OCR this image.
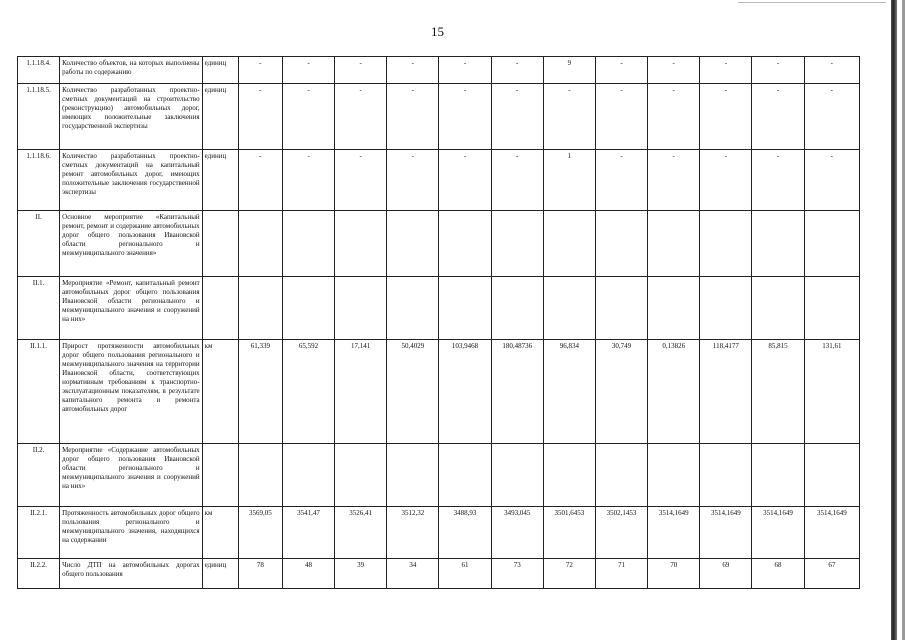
15
1.1.18.4.	Количество объектов, на которых выполнены работы по содержанию	единиц	-	-	-	-	-	-	9	-	-	-	-	-
1.1.18.5.	Количество разработанных проектно-сметных документаций на строительство (реконструкцию) автомобильных дорог, имеющих положительные заключения государственной экспертизы	единиц	-	-	-	-	-	-	-	-	-	-	-	-
1.1.18.6.	Количество разработанных проектно-сметных документаций на капитальный ремонт автомобильных дорог, имеющих положительные заключения государственной экспертизы	единиц	-	-	-	-	-	-	1	-	-	-	-	-
II.	Основное мероприятие «Капитальный ремонт, ремонт и содержание автомобильных дорог общего пользования Ивановской области регионального и межмуниципального значения»													
II.1.	Мероприятие «Ремонт, капитальный ремонт автомобильных дорог общего пользования Ивановской области регионального и межмуниципального значения и сооружений на них»													
II.1.1.	Прирост протяженности автомобильных дорог общего пользования регионального и межмуниципального значения на территории Ивановской области, соответствующих нормативным требованиям к транспортно-эксплуатационным показателям, в результате капитального ремонта и ремонта автомобильных дорог	км	61,339	65,592	17,141	50,4029	103,9468	180,48736	96,834	30,749	0,13826	118,4177	85,815	131,61
II.2.	Мероприятие «Содержание автомобильных дорог общего пользования Ивановской области регионального и межмуниципального значения и сооружений на них»													
II.2.1.	Протяженность автомобильных дорог общего пользования регионального и межмуниципального значения, находящихся на содержании	км	3569,05	3541,47	3526,41	3512,32	3488,93	3493,045	3501,6453	3502,1453	3514,1649	3514,1649	3514,1649	3514,1649
II.2.2.	Число ДТП на автомобильных дорогах общего пользования	единиц	78	48	39	34	61	73	72	71	70	69	68	67
